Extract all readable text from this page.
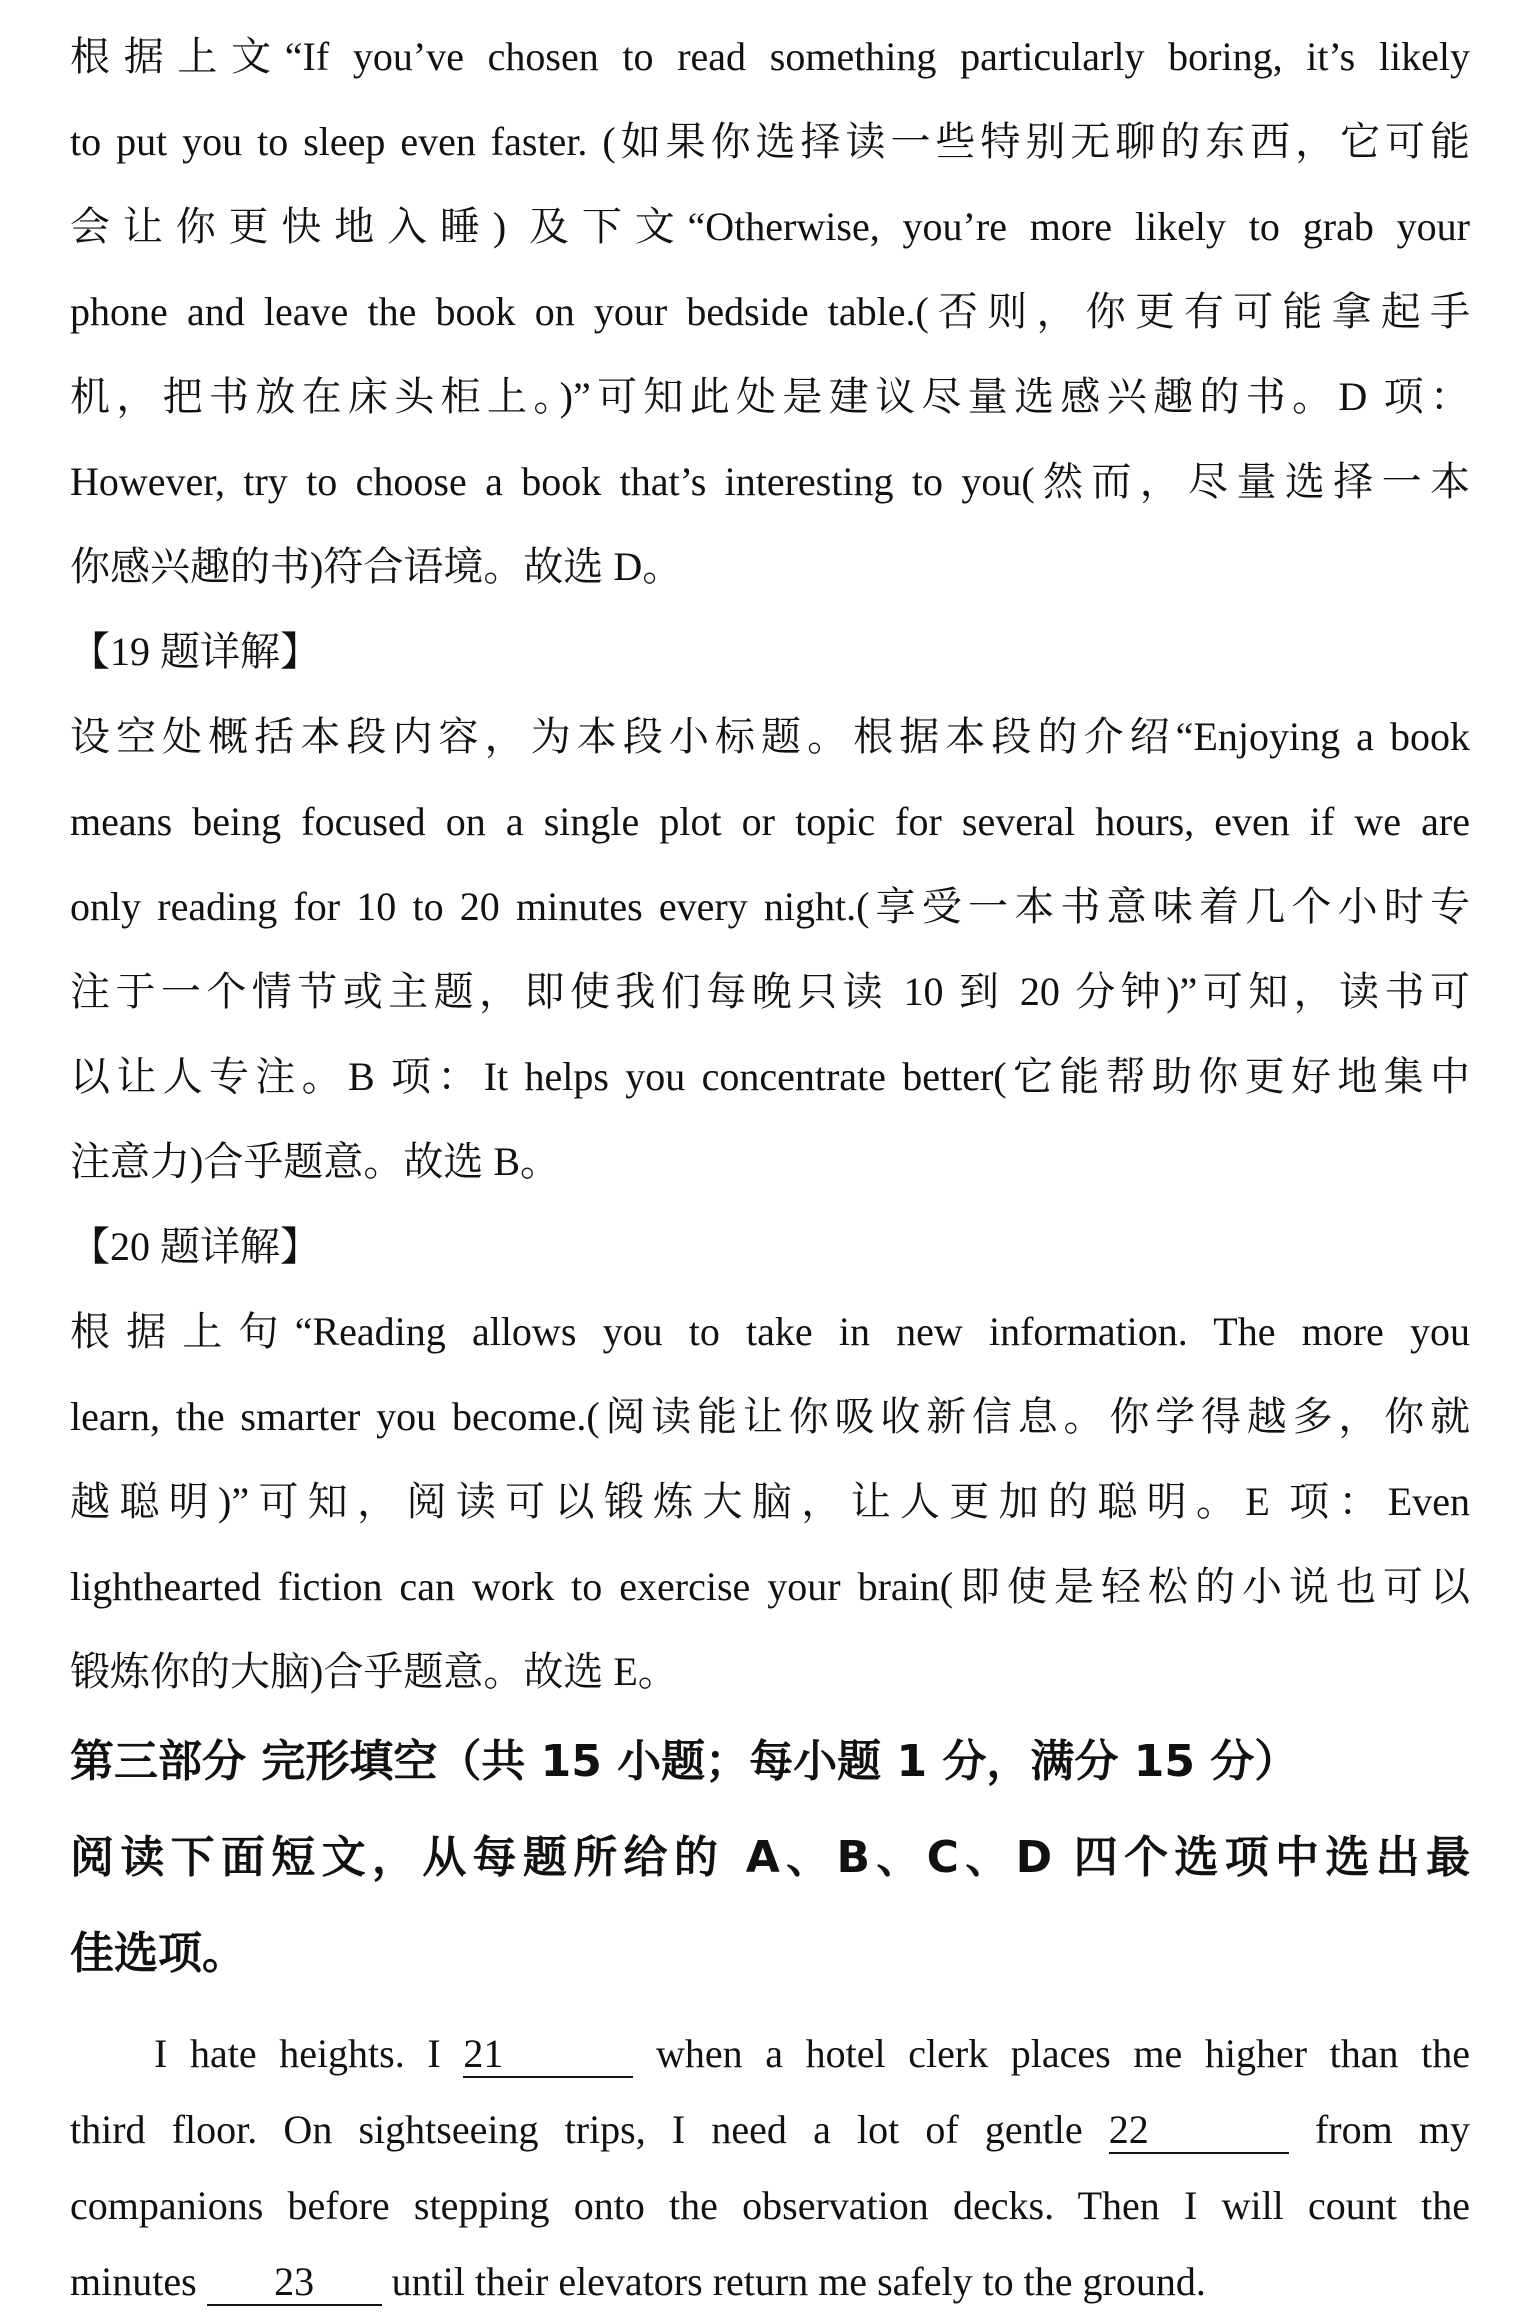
根据上文“If you’ve chosen to read something particularly boring, it’s likely
to put you to sleep even faster. (如果你选择读一些特别无聊的东西，它可能
会让你更快地入睡) 及下文“Otherwise, you’re more likely to grab your
phone and leave the book on your bedside table.(否则，你更有可能拿起手
机，把书放在床头柜上。)”可知此处是建议尽量选感兴趣的书。D 项：
However, try to choose a book that’s interesting to you(然而，尽量选择一本
你感兴趣的书)符合语境。故选 D。
【19 题详解】
设空处概括本段内容，为本段小标题。根据本段的介绍“Enjoying a book
means being focused on a single plot or topic for several hours, even if we are
only reading for 10 to 20 minutes every night.(享受一本书意味着几个小时专
注于一个情节或主题，即使我们每晚只读 10 到 20 分钟)”可知，读书可
以让人专注。B 项：It helps you concentrate better(它能帮助你更好地集中
注意力)合乎题意。故选 B。
【20 题详解】
根据上句“Reading allows you to take in new information. The more you
learn, the smarter you become.(阅读能让你吸收新信息。你学得越多，你就
越聪明)”可知，阅读可以锻炼大脑，让人更加的聪明。E 项：Even
lighthearted fiction can work to exercise your brain(即使是轻松的小说也可以
锻炼你的大脑)合乎题意。故选 E。
第三部分 完形填空（共 15 小题；每小题 1 分，满分 15 分）
阅读下面短文，从每题所给的 A、B、C、D 四个选项中选出最
佳选项。
I hate heights. I 21	when a hotel clerk places me higher than the
third floor. On sightseeing trips, I need a lot of gentle 22	from my
companions before stepping onto the observation decks. Then I will count the
minutes 23 until their elevators return me safely to the ground.
